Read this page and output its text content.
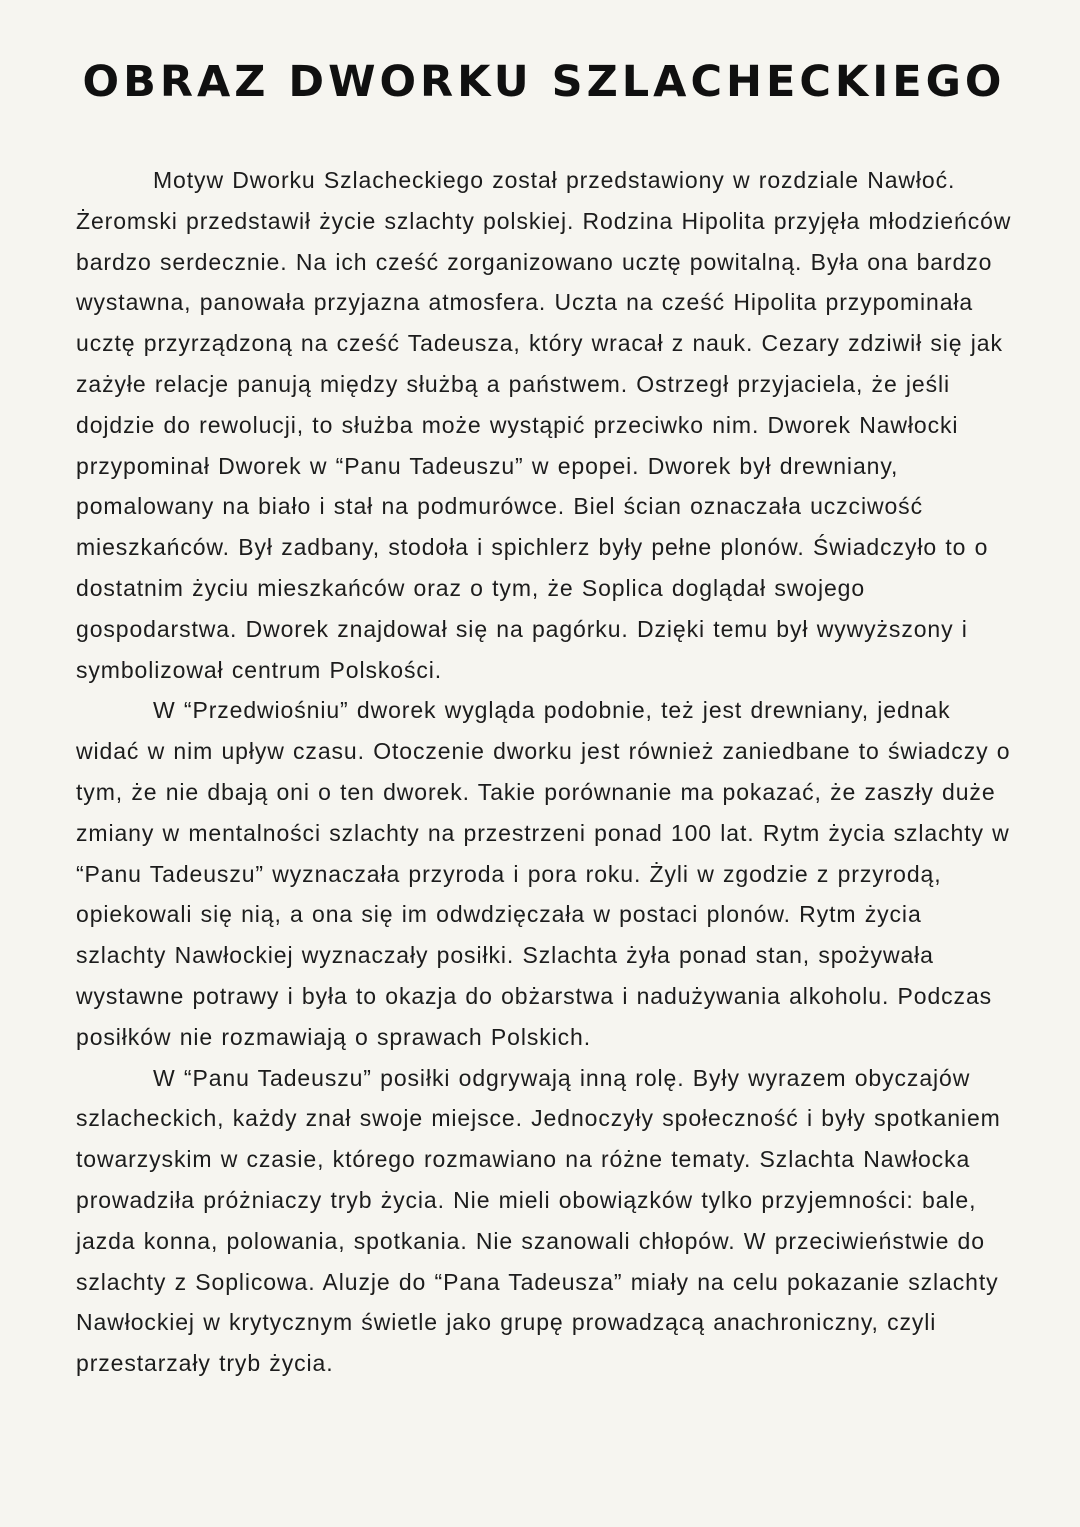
OBRAZ DWORKU SZLACHECKIEGO
Motyw Dworku Szlacheckiego został przedstawiony w rozdziale Nawłoć.
Żeromski przedstawił życie szlachty polskiej. Rodzina Hipolita przyjęła młodzieńców
bardzo serdecznie. Na ich cześć zorganizowano ucztę powitalną. Była ona bardzo
wystawna, panowała przyjazna atmosfera. Uczta na cześć Hipolita przypominała
ucztę przyrządzoną na cześć Tadeusza, który wracał z nauk. Cezary zdziwił się jak
zażyłe relacje panują między służbą a państwem. Ostrzegł przyjaciela, że jeśli
dojdzie do rewolucji, to służba może wystąpić przeciwko nim. Dworek Nawłocki
przypominał Dworek w “Panu Tadeuszu” w epopei. Dworek był drewniany,
pomalowany na biało i stał na podmurówce. Biel ścian oznaczała uczciwość
mieszkańców. Był zadbany, stodoła i spichlerz były pełne plonów. Świadczyło to o
dostatnim życiu mieszkańców oraz o tym, że Soplica doglądał swojego
gospodarstwa. Dworek znajdował się na pagórku. Dzięki temu był wywyższony i
symbolizował centrum Polskości.
W “Przedwiośniu” dworek wygląda podobnie, też jest drewniany, jednak
widać w nim upływ czasu. Otoczenie dworku jest również zaniedbane to świadczy o
tym, że nie dbają oni o ten dworek. Takie porównanie ma pokazać, że zaszły duże
zmiany w mentalności szlachty na przestrzeni ponad 100 lat. Rytm życia szlachty w
“Panu Tadeuszu” wyznaczała przyroda i pora roku. Żyli w zgodzie z przyrodą,
opiekowali się nią, a ona się im odwdzięczała w postaci plonów. Rytm życia
szlachty Nawłockiej wyznaczały posiłki. Szlachta żyła ponad stan, spożywała
wystawne potrawy i była to okazja do obżarstwa i nadużywania alkoholu. Podczas
posiłków nie rozmawiają o sprawach Polskich.
W “Panu Tadeuszu” posiłki odgrywają inną rolę. Były wyrazem obyczajów
szlacheckich, każdy znał swoje miejsce. Jednoczyły społeczność i były spotkaniem
towarzyskim w czasie, którego rozmawiano na różne tematy. Szlachta Nawłocka
prowadziła próżniaczy tryb życia. Nie mieli obowiązków tylko przyjemności: bale,
jazda konna, polowania, spotkania. Nie szanowali chłopów. W przeciwieństwie do
szlachty z Soplicowa. Aluzje do “Pana Tadeusza” miały na celu pokazanie szlachty
Nawłockiej w krytycznym świetle jako grupę prowadzącą anachroniczny, czyli
przestarzały tryb życia.
